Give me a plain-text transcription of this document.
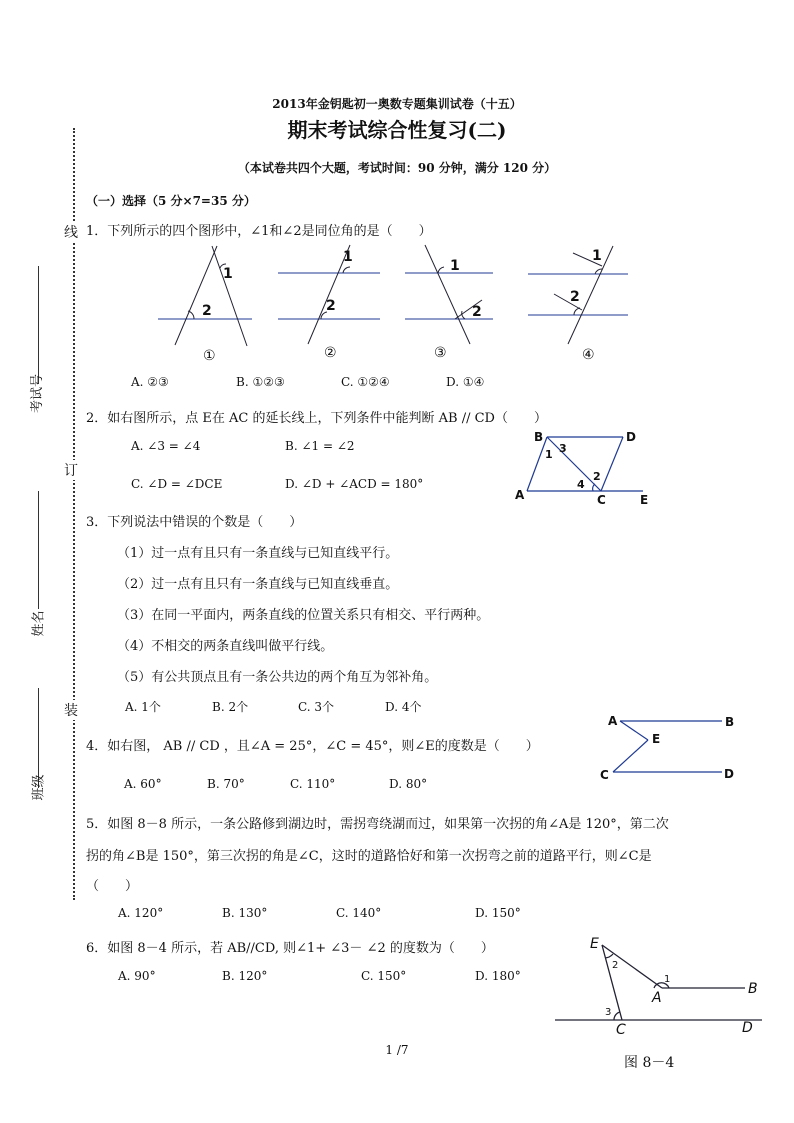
线
订
装
考试号
姓名
班级
2013年金钥匙初一奥数专题集训试卷（十五）
期末考试综合性复习(二)
（本试卷共四个大题，考试时间：90 分钟，满分 120 分）
（一）选择（5 分×7=35 分）
1．下列所示的四个图形中，∠1和∠2是同位角的是（　　）
1
2
1
2
1
2
1
2
①	②	③	④
A. ②③	B. ①②③	C. ①②④	D. ①④
2．如右图所示，点 E在 AC 的延长线上，下列条件中能判断 AB // CD（　　）
A. ∠3 = ∠4	B. ∠1 = ∠2
C. ∠D = ∠DCE	D. ∠D + ∠ACD = 180°
A
B
C
D
E
1
2
3
4
3．下列说法中错误的个数是（　　）
（1）过一点有且只有一条直线与已知直线平行。
（2）过一点有且只有一条直线与已知直线垂直。
（3）在同一平面内，两条直线的位置关系只有相交、平行两种。
（4）不相交的两条直线叫做平行线。
（5）有公共顶点且有一条公共边的两个角互为邻补角。
A. 1个	B. 2个	C. 3个	D. 4个
4．如右图， AB // CD ，且∠A = 25°，∠C = 45°，则∠E的度数是（　　）
A. 60°	B. 70°	C. 110°	D. 80°
A	B
C	D
E
5．如图 8－8 所示，一条公路修到湖边时，需拐弯绕湖而过，如果第一次拐的角∠A是 120°，第二次
拐的角∠B是 150°，第三次拐的角是∠C，这时的道路恰好和第一次拐弯之前的道路平行，则∠C是
（　　）
A. 120°	B. 130°	C. 140°	D. 150°
6．如图 8－4 所示，若 AB//CD, 则∠1+ ∠3－ ∠2 的度数为（　　）
A. 90°	B. 120°	C. 150°	D. 180°
E
A
B
C	D
2
1
3
图 8－4
1 /7
